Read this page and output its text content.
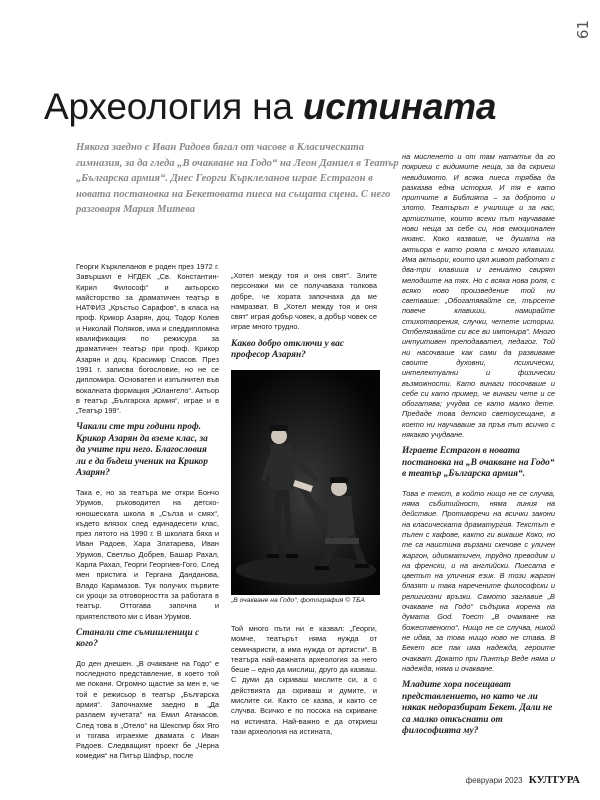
61
Археология на истината

Някога заедно с Иван Радоев бягал от часове в Класическата гимназия, за да гледа „В очакване на Годо“ на Леон Даниел в Театър „Българска армия“. Днес Георги Кърклеланов играе Естрагон в новата постановка на Бекетовата пиеса на същата сцена. С него разговаря Мария Митева

Георги Кърклеланов е роден през 1972 г. Завършил е НГДЕК „Св. Константин-Кирил Философ“ и актьорско майсторство за драматичен театър в НАТФИЗ „Кръстьо Сарафов“, в класа на проф. Крикор Азарян, доц. Тодор Колев и Николай Поляков, има и следдипломна квалификация по режисура за драматичен театър при проф. Крикор Азарян и доц. Красимир Спасов. През 1991 г. записва богословие, но не се дипломира. Основател и изпълнител във вокалната формация „Юлангело“. Актьор в театър „Българска армия“, играе и в „Театър 199“.

Чакали сте три години проф. Крикор Азарян да вземе клас, за да учите при него. Благословия ли е да бъдеш ученик на Крикор Азарян?

Така е, но за театъра ме откри Бончо Урумов, ръководител на детско-юношеската школа в „Сълза и смях“, където влязох след единадесети клас, през лятото на 1990 г. В школата бяха и Иван Радоев, Хара Златарева, Иван Урумов, Светльо Добрев, Башар Рахал, Карла Рахал, Георги Георгиев-Гого. След мен пристига и Гергана Данданова, Владо Карамазов. Тук получих първите си уроци за отговорността за работата в театър. Оттогава започна и приятелството ми с Иван Урумов.

Станали сте съмишленици с кого?

До ден днешен. „В очакване на Годо“ е последното представление, в което той ме покани. Огромно щастие за мен е, че той е режисьор в театър „Българска армия“. Започнахме заедно в „Да разлаем кучетата“ на Емил Атанасов. След това в „Отело“ на Шекспир бях Яго и тогава играехме двамата с Иван Радоев. Следващият проект бе „Черна комедия“ на Питър Шафър, после

„Хотел между тоя и оня свят“. Злите персонажи ми се получаваха толкова добре, че хората започнаха да ме намразват. В „Хотел между тоя и оня свят“ играя добър човек, а добър човек се играе много трудно.

Какво добро отключи у вас професор Азарян?
„В очакване на Годо“, фотография © ТБА

Той много пъти ни е казвал: „Георги, момче, театърът няма нужда от семинаристи, а има нужда от артисти“. В театъра най-важната археология за него беше – едно да мислиш, друго да казваш. С думи да скриваш мислите си, а с действията да скриваш и думите, и мислите си. Както се казва, и както се случва. Всичко е по посока на скриване на истината. Най-важно е да откриеш тази археология на истината,

на мисленето и от там нататък да го покриеш с видимите неща, за да скриеш невидимото. И всяка пиеса трябва да разказва една история. И тя е като притчите в Библията – за доброто и злото. Театърът е училище и за нас, артистите, които всеки път научаваме нови неща за себе си, нов емоционален нюанс. Коко казваше, че душата на актьора е като рояла с много клавиши. Има актьори, които цял живот работят с два-три клавиша и гениално свирят мелодиите на тях. Но с всяка нова роля, с всяко ново произведение той ни светваше: „Обогатявайте се, търсете повече клавиши, намирайте стихотворения, случки, четете истории. Отбелязвайте си все ви импонира“. Много интуитивен преподавател, педагог. Той ни насочваше как сами да развиваме своите духовни, психически, интелектуални и физически възможности. Като винаги посочваше и себе си като пример, че винаги чете и се обогатява; учудва се като малко дете. Предаде това детско светоусещане, в което ни научаваше за пръв път всичко с някакво учудване.

Играете Естрагон в новата постановка на „В очакване на Годо“ в театър „Българска армия“.

Това е текст, в който нищо не се случва, няма събитийност, няма линия на действие. Противоречи на всички закони на класическата драматургия. Текстът е пълен с хафове, както ги викаше Коко, но те са наистина вързани скечове с уличен жаргон, идиоматичен, трудно преводим и на френски, и на английски. Пиесата е цветът на уличния език. В този жаргон блазят и така наречените философски и религиозни връзки. Самото заглавие „В очакване на Годо“ съдържа корена на думата God. Тоест „В очакване на божественото“. Нищо не се случва, никой не идва, за това нищо ново не става. В Бекет все пак има надежда, героите очакват. Докато при Пинтър Веде няма и надежда, няма и очакване.

Младите хора посещават представлението, но като че ли някак недоразбират Бекет. Дали не са малко откъснати от философията му?
февруари 2023 КУЛТУРА
